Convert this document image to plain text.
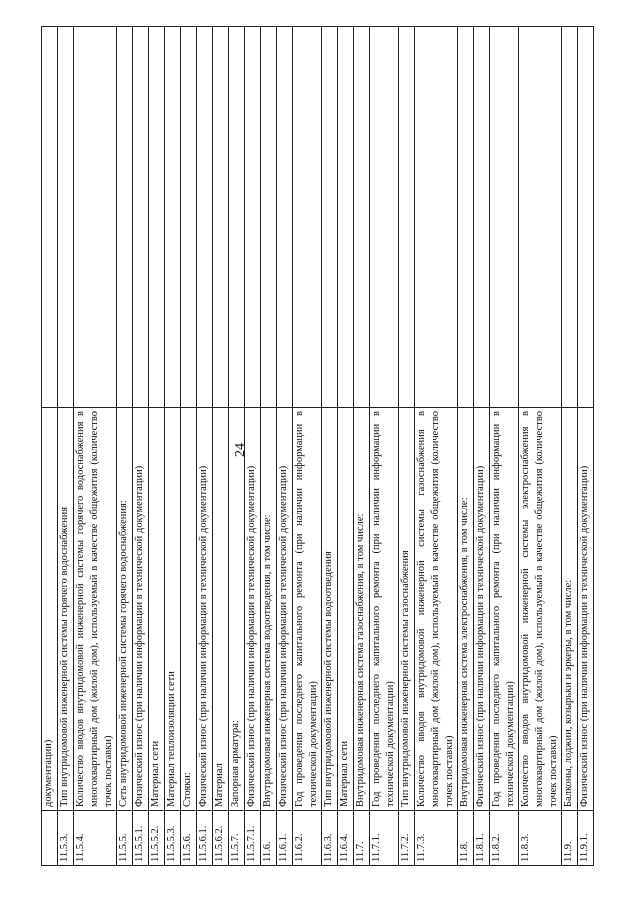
24
	документации)	
11.5.3.	Тип внутридомовой инженерной системы горячего водоснабжения	
11.5.4.	Количество вводов внутридомовой инженерной системы горячего водоснабжения в многоквартирный дом (жилой дом), используемый в качестве общежития (количество точек поставки)	
11.5.5.	Сеть внутридомовой инженерной системы горячего водоснабжения:	
11.5.5.1.	Физический износ (при наличии информации в технической документации)	
11.5.5.2.	Материал сети	
11.5.5.3.	Материал теплоизоляции сети	
11.5.6.	Стояки:	
11.5.6.1.	Физический износ (при наличии информации в технической документации)	
11.5.6.2.	Материал	
11.5.7.	Запорная арматура:	
11.5.7.1.	Физический износ (при наличии информации в технической документации)	
11.6.	Внутридомовая инженерная система водоотведения, в том числе:	
11.6.1.	Физический износ (при наличии информации в технической документации)	
11.6.2.	Год проведения последнего капитального ремонта (при наличии информации в технической документации)	
11.6.3.	Тип внутридомовой инженерной системы водоотведения	
11.6.4.	Материал сети	
11.7.	Внутридомовая инженерная система газоснабжения, в том числе:	
11.7.1.	Год проведения последнего капитального ремонта (при наличии информации в технической документации)	
11.7.2.	Тип внутридомовой инженерной системы газоснабжения	
11.7.3.	Количество вводов внутридомовой инженерной системы газоснабжения в многоквартирный дом (жилой дом), используемый в качестве общежития (количество точек поставки)	
11.8.	Внутридомовая инженерная система электроснабжения, в том числе:	
11.8.1.	Физический износ (при наличии информации в технической документации)	
11.8.2.	Год проведения последнего капитального ремонта (при наличии информации в технической документации)	
11.8.3.	Количество вводов внутридомовой инженерной системы электроснабжения в многоквартирный дом (жилой дом), используемый в качестве общежития (количество точек поставки)	
11.9.	Балконы, лоджии, козырьки и эркеры, в том числе:	
11.9.1.	Физический износ (при наличии информации в технической документации)	
